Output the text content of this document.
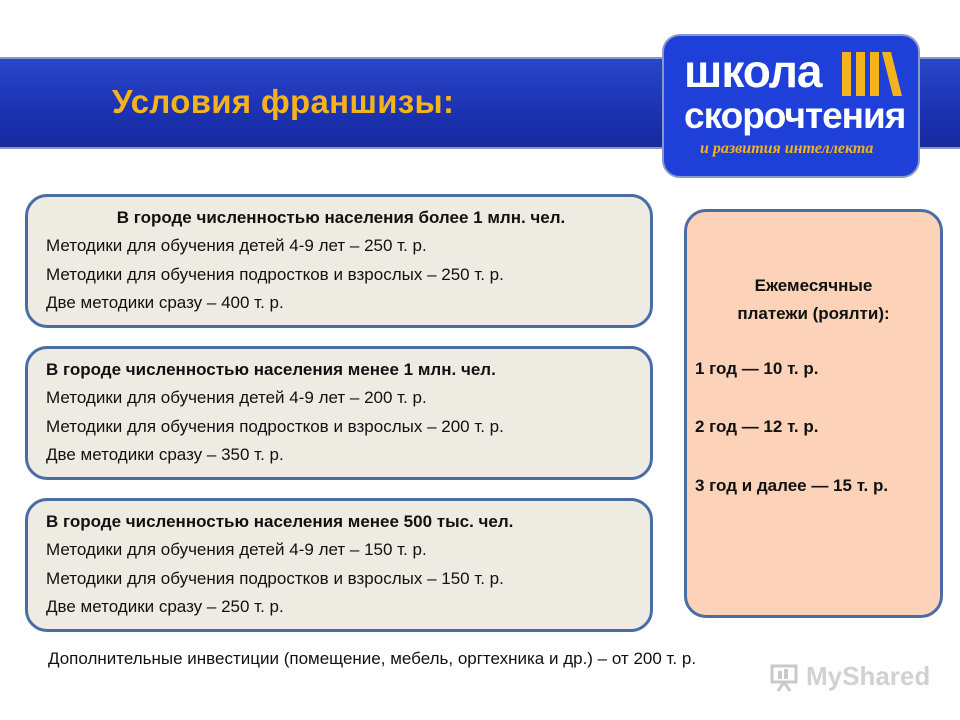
Условия франшизы:
школа
скорочтения
и развития интеллекта
В городе численностью населения более 1 млн. чел.
Методики для обучения детей 4-9 лет – 250 т. р.
Методики для обучения подростков и взрослых – 250 т. р.
Две методики сразу – 400 т. р.
В городе численностью населения менее 1 млн. чел.
Методики для обучения детей 4-9 лет – 200 т. р.
Методики для обучения подростков и взрослых – 200 т. р.
Две методики сразу – 350 т. р.
В городе численностью населения менее 500 тыс. чел.
Методики для обучения детей 4-9 лет – 150 т. р.
Методики для обучения подростков и взрослых – 150 т. р.
Две методики сразу – 250 т. р.
Ежемесячные
платежи (роялти):
1 год — 10 т. р.
2 год — 12 т. р.
3 год и далее — 15 т. р.
Дополнительные инвестиции (помещение, мебель, оргтехника и др.) – от 200 т. р.
MyShared
